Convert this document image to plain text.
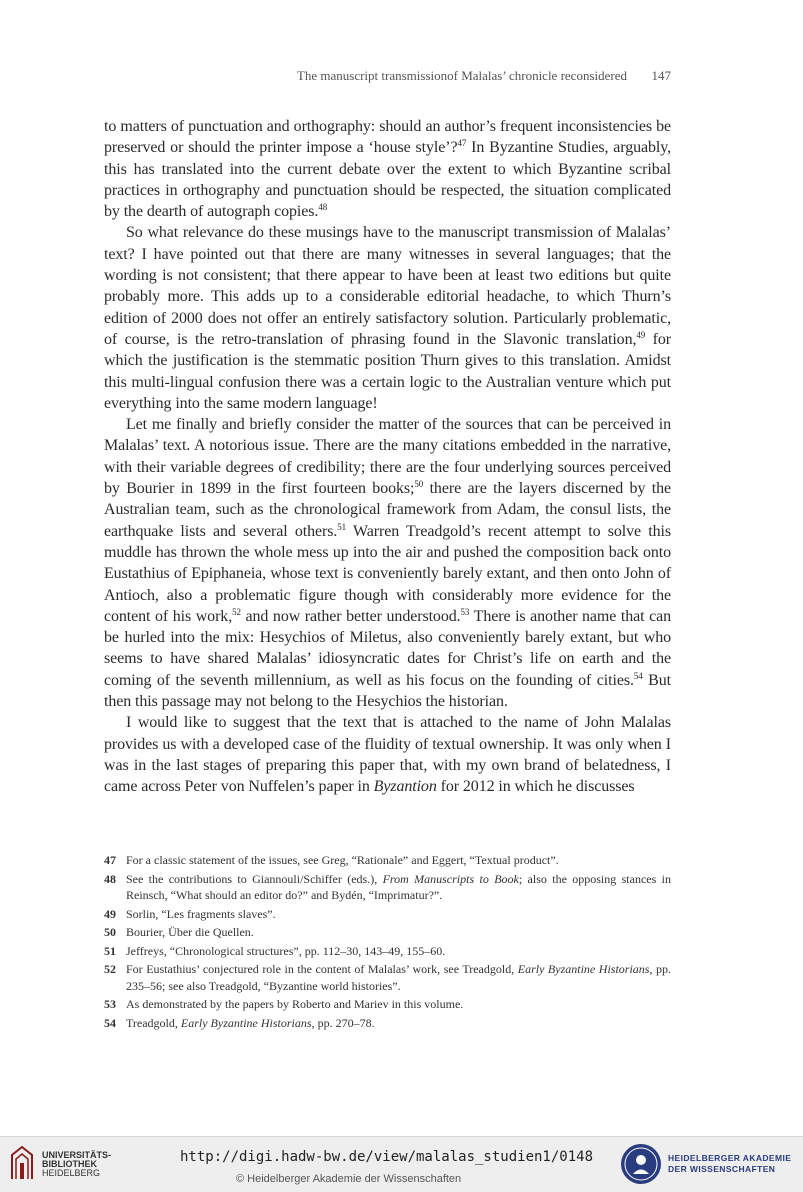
The manuscript transmissionof Malalas’ chronicle reconsidered 147

to matters of punctuation and orthography: should an author’s frequent inconsistencies be preserved or should the printer impose a ‘house style’?$^{47}$ In Byzantine Studies, arguably, this has translated into the current debate over the extent to which Byzantine scribal practices in orthography and punctuation should be respected, the situation complicated by the dearth of autograph copies.$^{48}$

So what relevance do these musings have to the manuscript transmission of Malalas’ text? I have pointed out that there are many witnesses in several languages; that the wording is not consistent; that there appear to have been at least two editions but quite probably more. This adds up to a considerable editorial headache, to which Thurn’s edition of 2000 does not offer an entirely satisfactory solution. Particularly problematic, of course, is the retro-translation of phrasing found in the Slavonic translation,$^{49}$ for which the justification is the stemmatic position Thurn gives to this translation. Amidst this multi-lingual confusion there was a certain logic to the Australian venture which put everything into the same modern language!

Let me finally and briefly consider the matter of the sources that can be perceived in Malalas’ text. A notorious issue. There are the many citations embedded in the narrative, with their variable degrees of credibility; there are the four underlying sources perceived by Bourier in 1899 in the first fourteen books;$^{50}$ there are the layers discerned by the Australian team, such as the chronological framework from Adam, the consul lists, the earthquake lists and several others.$^{51}$ Warren Treadgold’s recent attempt to solve this muddle has thrown the whole mess up into the air and pushed the composition back onto Eustathius of Epiphaneia, whose text is conveniently barely extant, and then onto John of Antioch, also a problematic figure though with considerably more evidence for the content of his work,$^{52}$ and now rather better understood.$^{53}$ There is another name that can be hurled into the mix: Hesychios of Miletus, also conveniently barely extant, but who seems to have shared Malalas’ idiosyncratic dates for Christ’s life on earth and the coming of the seventh millennium, as well as his focus on the founding of cities.$^{54}$ But then this passage may not belong to the Hesychios the historian.

I would like to suggest that the text that is attached to the name of John Malalas provides us with a developed case of the fluidity of textual ownership. It was only when I was in the last stages of preparing this paper that, with my own brand of belatedness, I came across Peter von Nuffelen’s paper in Byzantion for 2012 in which he discusses

47 For a classic statement of the issues, see Greg, “Rationale” and Eggert, “Textual product”.
48 See the contributions to Giannouli/Schiffer (eds.), From Manuscripts to Book; also the opposing stances in Reinsch, “What should an editor do?” and Bydén, “Imprimatur?”.
49 Sorlin, “Les fragments slaves”.
50 Bourier, Über die Quellen.
51 Jeffreys, “Chronological structures”, pp. 112–30, 143–49, 155–60.
52 For Eustathius’ conjectured role in the content of Malalas’ work, see Treadgold, Early Byzantine Historians, pp. 235–56; see also Treadgold, “Byzantine world histories”.
53 As demonstrated by the papers by Roberto and Mariev in this volume.
54 Treadgold, Early Byzantine Historians, pp. 270–78.
UNIVERSITÄTS-
BIBLIOTHEK
HEIDELBERG
http://digi.hadw-bw.de/view/malalas_studien1/0148
© Heidelberger Akademie der Wissenschaften
HEIDELBERGER AKADEMIE
DER WISSENSCHAFTEN
